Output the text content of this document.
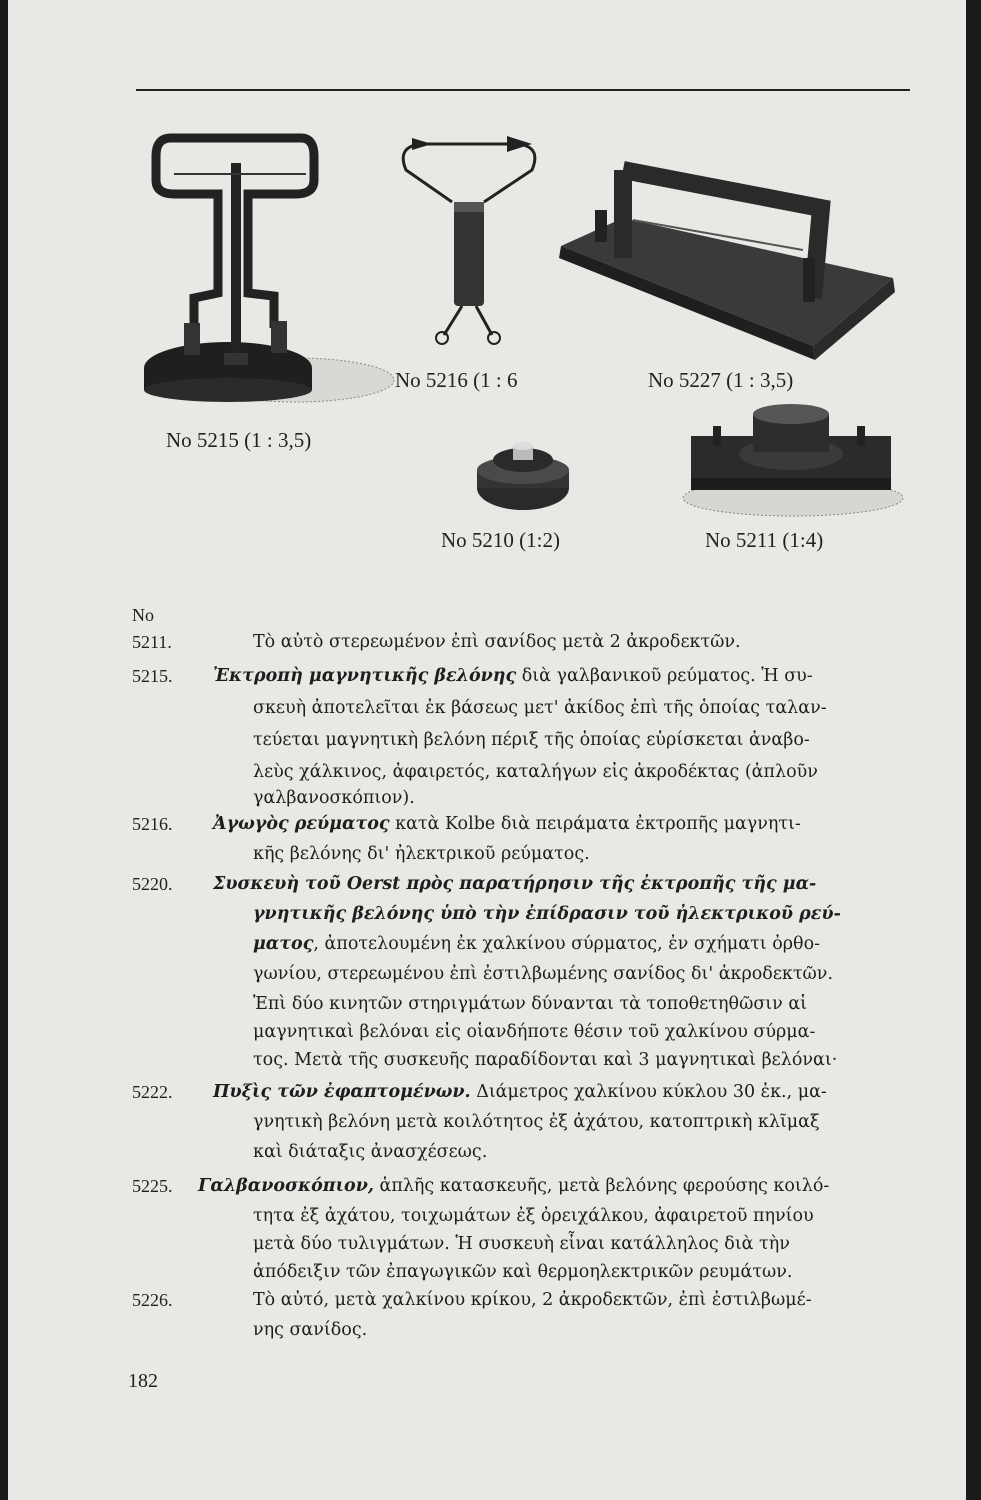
No 5215 (1 : 3,5)
No 5216 (1 : 6	No 5227 (1 : 3,5)
No 5210 (1:2)	No 5211 (1:4)
No
5211.	Τὸ αὐτὸ στερεωμένον ἐπὶ σανίδος μετὰ 2 ἀκροδεκτῶν.
5215. Ἐκτροπὴ μαγνητικῆς βελόνης διὰ γαλβανικοῦ ρεύματος. Ἡ συ-
σκευὴ ἀποτελεῖται ἐκ βάσεως μετ' ἀκίδος ἐπὶ τῆς ὁποίας ταλαν-
τεύεται μαγνητικὴ βελόνη πέριξ τῆς ὁποίας εὑρίσκεται ἀναβο-
λεὺς χάλκινος, ἀφαιρετός, καταλήγων εἰς ἀκροδέκτας (ἁπλοῦν
γαλβανοσκόπιον).
5216. Ἀγωγὸς ρεύματος κατὰ Kolbe διὰ πειράματα ἐκτροπῆς μαγνητι-
κῆς βελόνης δι' ἠλεκτρικοῦ ρεύματος.
5220. Συσκευὴ τοῦ Oerst πρὸς παρατήρησιν τῆς ἐκτροπῆς τῆς μα-
γνητικῆς βελόνης ὑπὸ τὴν ἐπίδρασιν τοῦ ἠλεκτρικοῦ ρεύ-
ματος, ἀποτελουμένη ἐκ χαλκίνου σύρματος, ἐν σχήματι ὀρθο-
γωνίου, στερεωμένου ἐπὶ ἐστιλβωμένης σανίδος δι' ἀκροδεκτῶν.
Ἐπὶ δύο κινητῶν στηριγμάτων δύνανται τὰ τοποθετηθῶσιν αἱ
μαγνητικαὶ βελόναι εἰς οἱανδήποτε θέσιν τοῦ χαλκίνου σύρμα-
τος. Μετὰ τῆς συσκευῆς παραδίδονται καὶ 3 μαγνητικαὶ βελόναι·
5222. Πυξὶς τῶν ἐφαπτομένων. Διάμετρος χαλκίνου κύκλου 30 ἐκ., μα-
γνητικὴ βελόνη μετὰ κοιλότητος ἐξ ἀχάτου, κατοπτρικὴ κλῖμαξ
καὶ διάταξις ἀνασχέσεως.
5225. Γαλβανοσκόπιον, ἁπλῆς κατασκευῆς, μετὰ βελόνης φερούσης κοιλό-
τητα ἐξ ἀχάτου, τοιχωμάτων ἐξ ὀρειχάλκου, ἀφαιρετοῦ πηνίου
μετὰ δύο τυλιγμάτων. Ἡ συσκευὴ εἶναι κατάλληλος διὰ τὴν
ἀπόδειξιν τῶν ἐπαγωγικῶν καὶ θερμοηλεκτρικῶν ρευμάτων.
5226.	Τὸ αὐτό, μετὰ χαλκίνου κρίκου, 2 ἀκροδεκτῶν, ἐπὶ ἐστιλβωμέ-
νης σανίδος.
182
